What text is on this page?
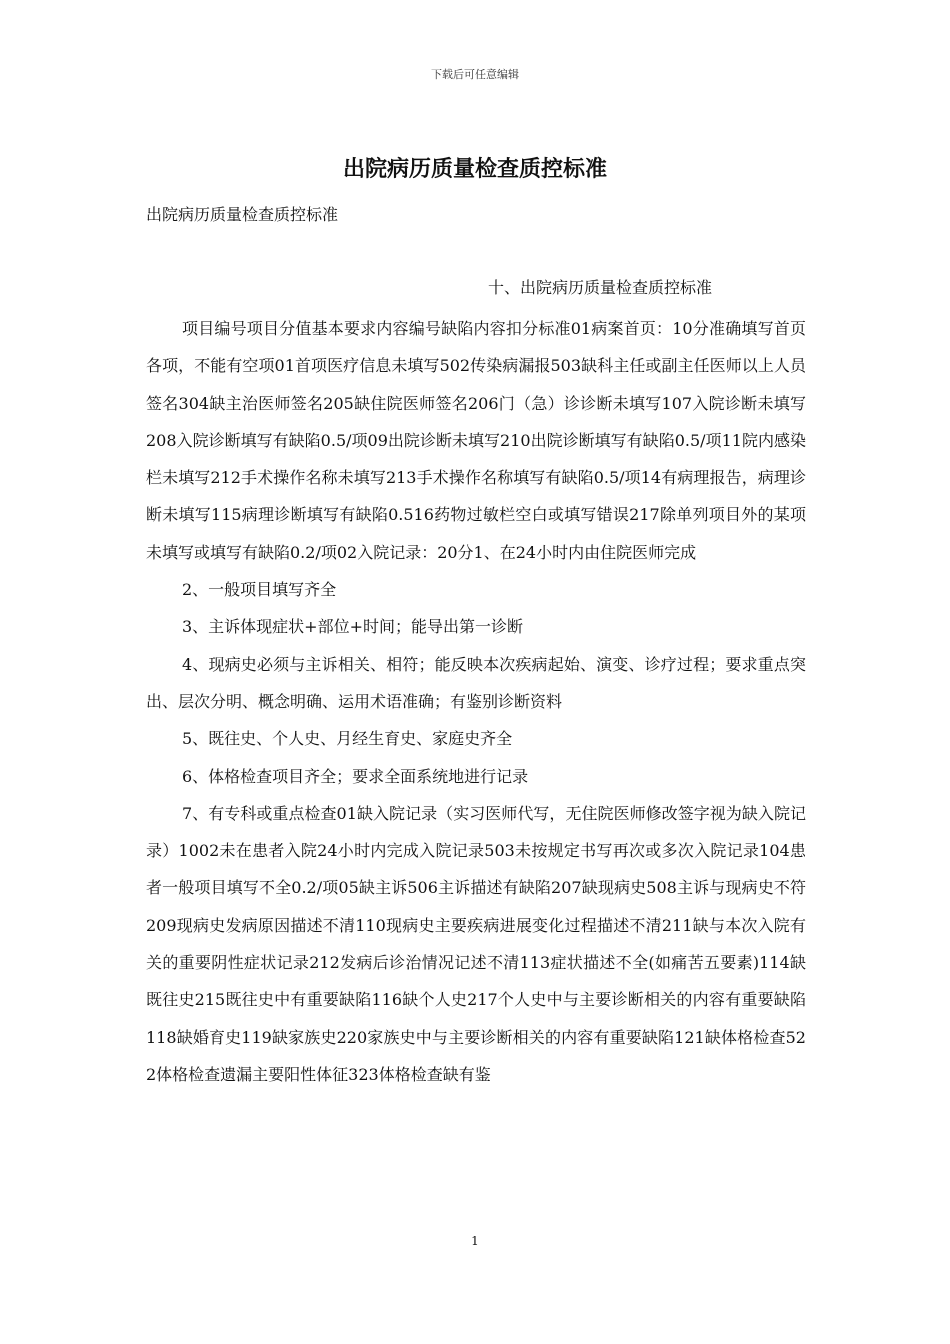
下载后可任意编辑
出院病历质量检查质控标准

出院病历质量检查质控标准

十、出院病历质量检查质控标准

项目编号项目分值基本要求内容编号缺陷内容扣分标准01病案首页：10分准确填写首页各项，不能有空项01首项医疗信息未填写502传染病漏报503缺科主任或副主任医师以上人员签名304缺主治医师签名205缺住院医师签名206门（急）诊诊断未填写107入院诊断未填写208入院诊断填写有缺陷0.5/项09出院诊断未填写210出院诊断填写有缺陷0.5/项11院内感染栏未填写212手术操作名称未填写213手术操作名称填写有缺陷0.5/项14有病理报告，病理诊断未填写115病理诊断填写有缺陷0.516药物过敏栏空白或填写错误217除单列项目外的某项未填写或填写有缺陷0.2/项02入院记录：20分1、在24小时内由住院医师完成

2、一般项目填写齐全

3、主诉体现症状+部位+时间；能导出第一诊断

4、现病史必须与主诉相关、相符；能反映本次疾病起始、演变、诊疗过程；要求重点突出、层次分明、概念明确、运用术语准确；有鉴别诊断资料

5、既往史、个人史、月经生育史、家庭史齐全

6、体格检查项目齐全；要求全面系统地进行记录

7、有专科或重点检查01缺入院记录（实习医师代写，无住院医师修改签字视为缺入院记录）1002未在患者入院24小时内完成入院记录503未按规定书写再次或多次入院记录104患者一般项目填写不全0.2/项05缺主诉506主诉描述有缺陷207缺现病史508主诉与现病史不符209现病史发病原因描述不清110现病史主要疾病进展变化过程描述不清211缺与本次入院有关的重要阴性症状记录212发病后诊治情况记述不清113症状描述不全(如痛苦五要素)114缺既往史215既往史中有重要缺陷116缺个人史217个人史中与主要诊断相关的内容有重要缺陷118缺婚育史119缺家族史220家族史中与主要诊断相关的内容有重要缺陷121缺体格检查522体格检查遗漏主要阳性体征323体格检查缺有鉴

1
